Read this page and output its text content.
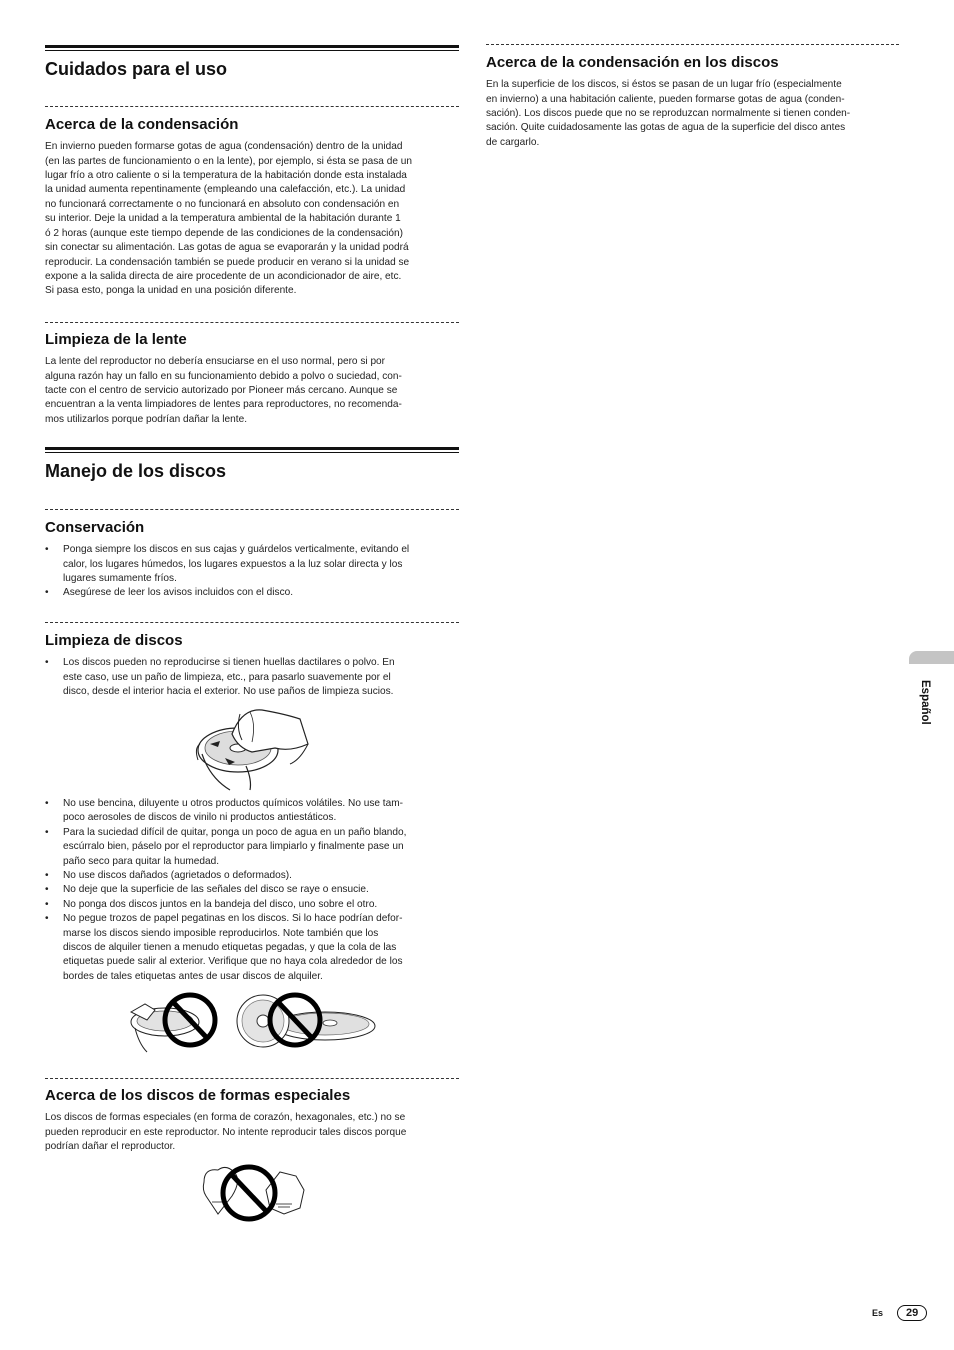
Cuidados para el uso
Acerca de la condensación
En invierno pueden formarse gotas de agua (condensación) dentro de la unidad
(en las partes de funcionamiento o en la lente), por ejemplo, si ésta se pasa de un
lugar frío a otro caliente o si la temperatura de la habitación donde esta instalada
la unidad aumenta repentinamente (empleando una calefacción, etc.). La unidad
no funcionará correctamente o no funcionará en absoluto con condensación en
su interior. Deje la unidad a la temperatura ambiental de la habitación durante 1
ó 2 horas (aunque este tiempo depende de las condiciones de la condensación)
sin conectar su alimentación. Las gotas de agua se evaporarán y la unidad podrá
reproducir. La condensación también se puede producir en verano si la unidad se
expone a la salida directa de aire procedente de un acondicionador de aire, etc.
Si pasa esto, ponga la unidad en una posición diferente.
Limpieza de la lente
La lente del reproductor no debería ensuciarse en el uso normal, pero si por
alguna razón hay un fallo en su funcionamiento debido a polvo o suciedad, con-
tacte con el centro de servicio autorizado por Pioneer más cercano. Aunque se
encuentran a la venta limpiadores de lentes para reproductores, no recomenda-
mos utilizarlos porque podrían dañar la lente.
Manejo de los discos
Conservación
• Ponga siempre los discos en sus cajas y guárdelos verticalmente, evitando el
calor, los lugares húmedos, los lugares expuestos a la luz solar directa y los
lugares sumamente fríos.
• Asegúrese de leer los avisos incluidos con el disco.
Limpieza de discos
• Los discos pueden no reproducirse si tienen huellas dactilares o polvo. En
este caso, use un paño de limpieza, etc., para pasarlo suavemente por el
disco, desde el interior hacia el exterior. No use paños de limpieza sucios.
• No use bencina, diluyente u otros productos químicos volátiles. No use tam-
poco aerosoles de discos de vinilo ni productos antiestáticos.
• Para la suciedad difícil de quitar, ponga un poco de agua en un paño blando,
escúrralo bien, páselo por el reproductor para limpiarlo y finalmente pase un
paño seco para quitar la humedad.
• No use discos dañados (agrietados o deformados).
• No deje que la superficie de las señales del disco se raye o ensucie.
• No ponga dos discos juntos en la bandeja del disco, uno sobre el otro.
• No pegue trozos de papel pegatinas en los discos. Si lo hace podrían defor-
marse los discos siendo imposible reproducirlos. Note también que los
discos de alquiler tienen a menudo etiquetas pegadas, y que la cola de las
etiquetas puede salir al exterior. Verifique que no haya cola alrededor de los
bordes de tales etiquetas antes de usar discos de alquiler.
Acerca de los discos de formas especiales
Los discos de formas especiales (en forma de corazón, hexagonales, etc.) no se
pueden reproducir en este reproductor. No intente reproducir tales discos porque
podrían dañar el reproductor.
Acerca de la condensación en los discos
En la superficie de los discos, si éstos se pasan de un lugar frío (especialmente
en invierno) a una habitación caliente, pueden formarse gotas de agua (conden-
sación). Los discos puede que no se reproduzcan normalmente si tienen conden-
sación. Quite cuidadosamente las gotas de agua de la superficie del disco antes
de cargarlo.
Español
Es	29
